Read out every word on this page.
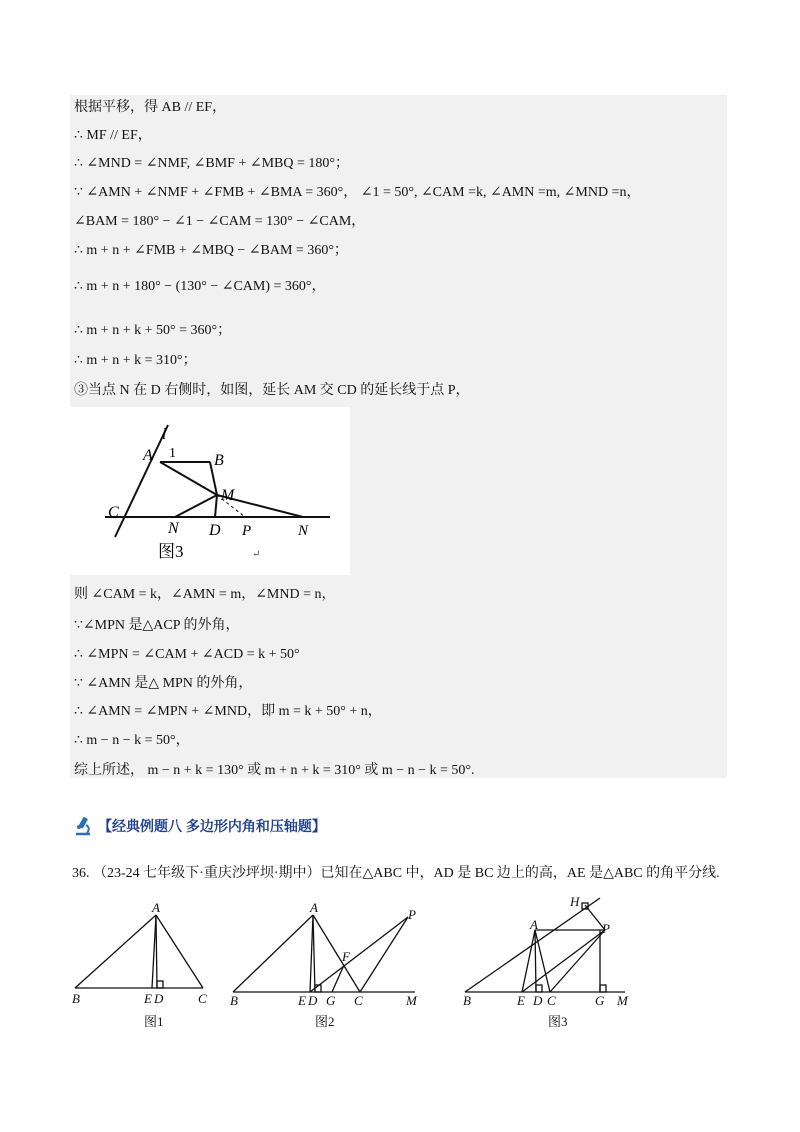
根据平移，得 AB // EF，
∴ MF // EF，
∴ ∠MND = ∠NMF, ∠BMF + ∠MBQ = 180°；
∵ ∠AMN + ∠NMF + ∠FMB + ∠BMA = 360°， ∠1 = 50°, ∠CAM =k, ∠AMN =m, ∠MND =n，
∠BAM = 180° − ∠1 − ∠CAM = 130° − ∠CAM，
∴ m + n + ∠FMB + ∠MBQ − ∠BAM = 360°；
∴ m + n + 180° − (130° − ∠CAM) = 360°，
∴ m + n + k + 50° = 360°；
∴ m + n + k = 310°；
③当点 N 在 D 右侧时，如图，延长 AM 交 CD 的延长线于点 P，
l
A 1 B
M
C
N D P	N
图3	↵
则 ∠CAM = k，∠AMN = m，∠MND = n，
∵∠MPN 是△ACP 的外角，
∴ ∠MPN = ∠CAM + ∠ACD = k + 50°
∵ ∠AMN 是△ MPN 的外角，
∴ ∠AMN = ∠MPN + ∠MND，即 m = k + 50° + n，
∴ m − n − k = 50°，
综上所述， m − n + k = 130° 或 m + n + k = 310° 或 m − n − k = 50°.
【经典例题八 多边形内角和压轴题】
36. （23-24 七年级下·重庆沙坪坝·期中）已知在△ABC 中，AD 是 BC 边上的高，AE 是△ABC 的角平分线.
A
B	E D	C
A	P
F
B	E D G C	M
H
A	P
B	E D C	G M
图1	图2	图3
